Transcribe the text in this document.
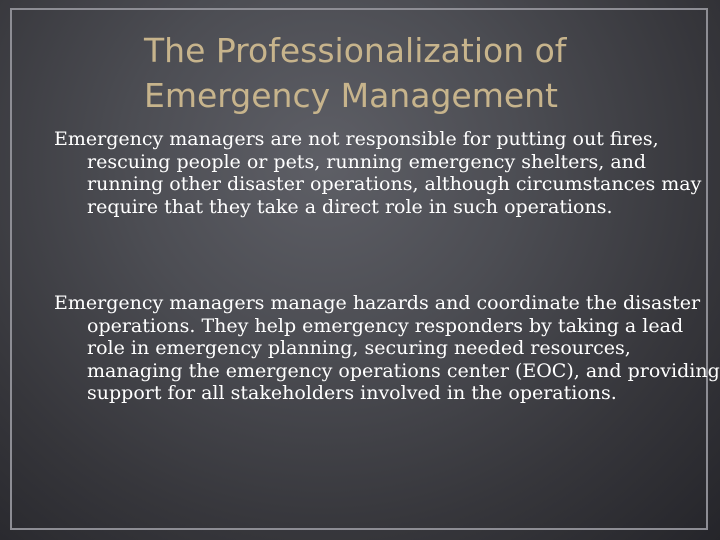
The Professionalization of Emergency Management

Emergency managers are not responsible for putting out fires, rescuing people or pets, running emergency shelters, and running other disaster operations, although circumstances may require that they take a direct role in such operations.

Emergency managers manage hazards and coordinate the disaster operations. They help emergency responders by taking a lead role in emergency planning, securing needed resources, managing the emergency operations center (EOC), and providing support for all stakeholders involved in the operations.
